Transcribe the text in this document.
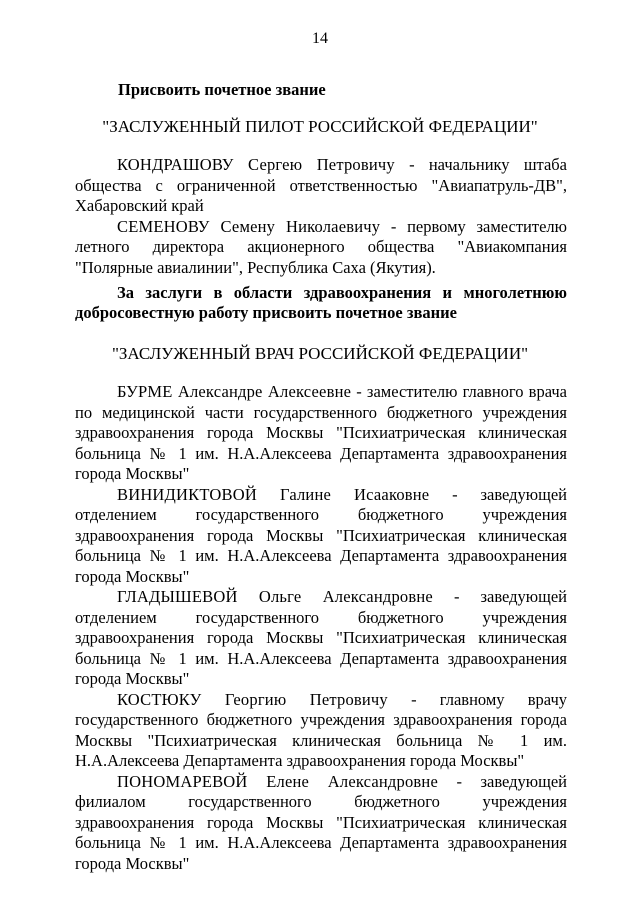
14

Присвоить почетное звание

"ЗАСЛУЖЕННЫЙ ПИЛОТ РОССИЙСКОЙ ФЕДЕРАЦИИ"

КОНДРАШОВУ Сергею Петровичу - начальнику штаба общества с ограниченной ответственностью "Авиапатруль-ДВ", Хабаровский край
СЕМЕНОВУ Семену Николаевичу - первому заместителю летного директора акционерного общества "Авиакомпания "Полярные авиалинии", Республика Саха (Якутия).

За заслуги в области здравоохранения и многолетнюю добросовестную работу присвоить почетное звание

"ЗАСЛУЖЕННЫЙ ВРАЧ РОССИЙСКОЙ ФЕДЕРАЦИИ"

БУРМЕ Александре Алексеевне - заместителю главного врача по медицинской части государственного бюджетного учреждения здравоохранения города Москвы "Психиатрическая клиническая больница № 1 им. Н.А.Алексеева Департамента здравоохранения города Москвы"
ВИНИДИКТОВОЙ Галине Исааковне - заведующей отделением государственного бюджетного учреждения здравоохранения города Москвы "Психиатрическая клиническая больница № 1 им. Н.А.Алексеева Департамента здравоохранения города Москвы"
ГЛАДЫШЕВОЙ Ольге Александровне - заведующей отделением государственного бюджетного учреждения здравоохранения города Москвы "Психиатрическая клиническая больница № 1 им. Н.А.Алексеева Департамента здравоохранения города Москвы"
КОСТЮКУ Георгию Петровичу - главному врачу государственного бюджетного учреждения здравоохранения города Москвы "Психиатрическая клиническая больница № 1 им. Н.А.Алексеева Департамента здравоохранения города Москвы"
ПОНОМАРЕВОЙ Елене Александровне - заведующей филиалом государственного бюджетного учреждения здравоохранения города Москвы "Психиатрическая клиническая больница № 1 им. Н.А.Алексеева Департамента здравоохранения города Москвы"
